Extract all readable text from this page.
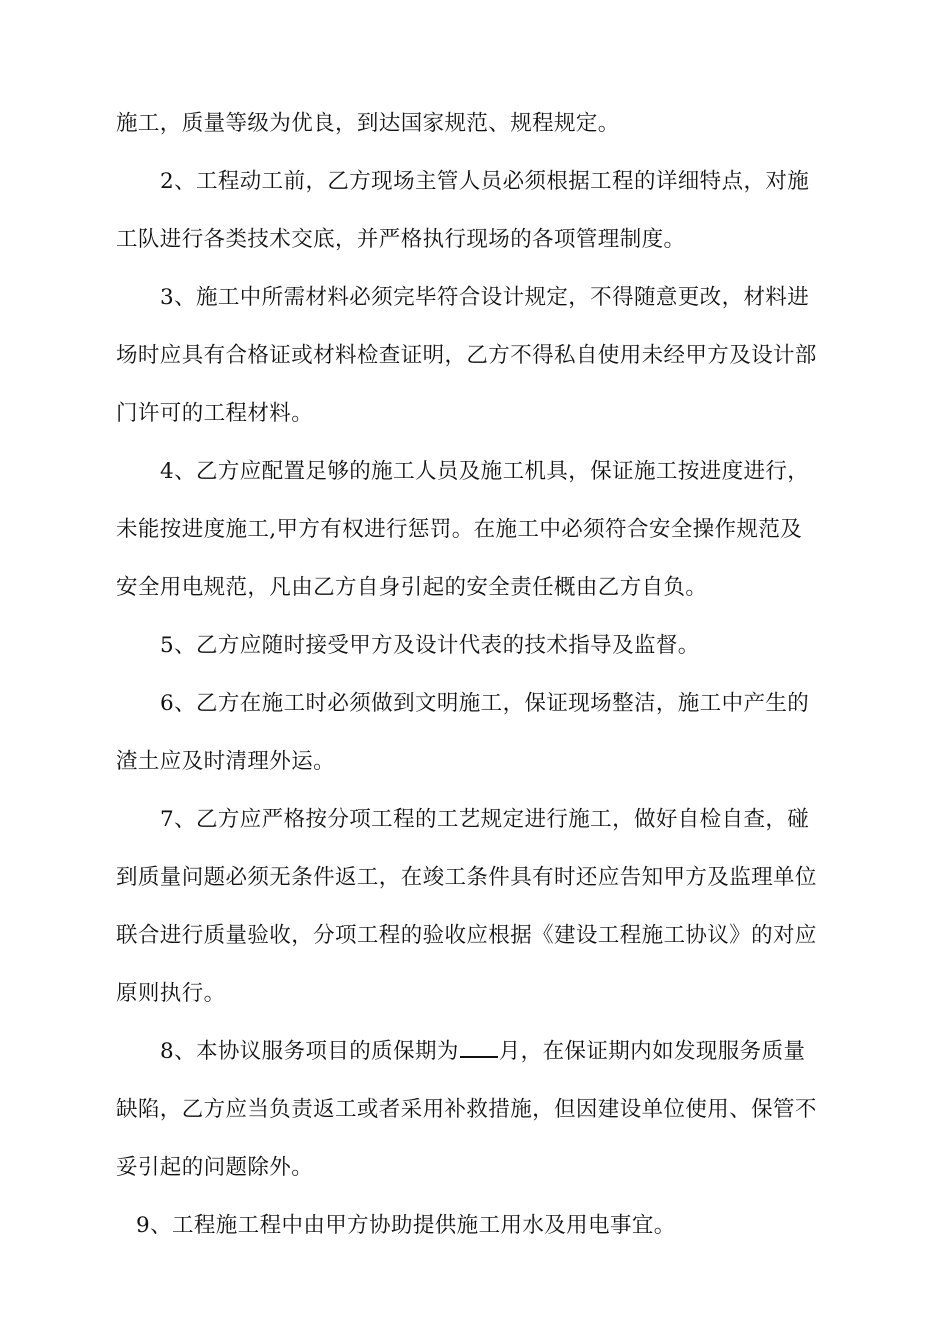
施工，质量等级为优良，到达国家规范、规程规定。
2、工程动工前，乙方现场主管人员必须根据工程的详细特点，对施
工队进行各类技术交底，并严格执行现场的各项管理制度。
3、施工中所需材料必须完毕符合设计规定，不得随意更改，材料进
场时应具有合格证或材料检查证明，乙方不得私自使用未经甲方及设计部
门许可的工程材料。
4、乙方应配置足够的施工人员及施工机具，保证施工按进度进行，
未能按进度施工,甲方有权进行惩罚。在施工中必须符合安全操作规范及
安全用电规范，凡由乙方自身引起的安全责任概由乙方自负。
5、乙方应随时接受甲方及设计代表的技术指导及监督。
6、乙方在施工时必须做到文明施工，保证现场整洁，施工中产生的
渣土应及时清理外运。
7、乙方应严格按分项工程的工艺规定进行施工，做好自检自查，碰
到质量问题必须无条件返工，在竣工条件具有时还应告知甲方及监理单位
联合进行质量验收，分项工程的验收应根据《建设工程施工协议》的对应
原则执行。
8、本协议服务项目的质保期为 月，在保证期内如发现服务质量
缺陷，乙方应当负责返工或者采用补救措施，但因建设单位使用、保管不
妥引起的问题除外。
9、工程施工程中由甲方协助提供施工用水及用电事宜。
